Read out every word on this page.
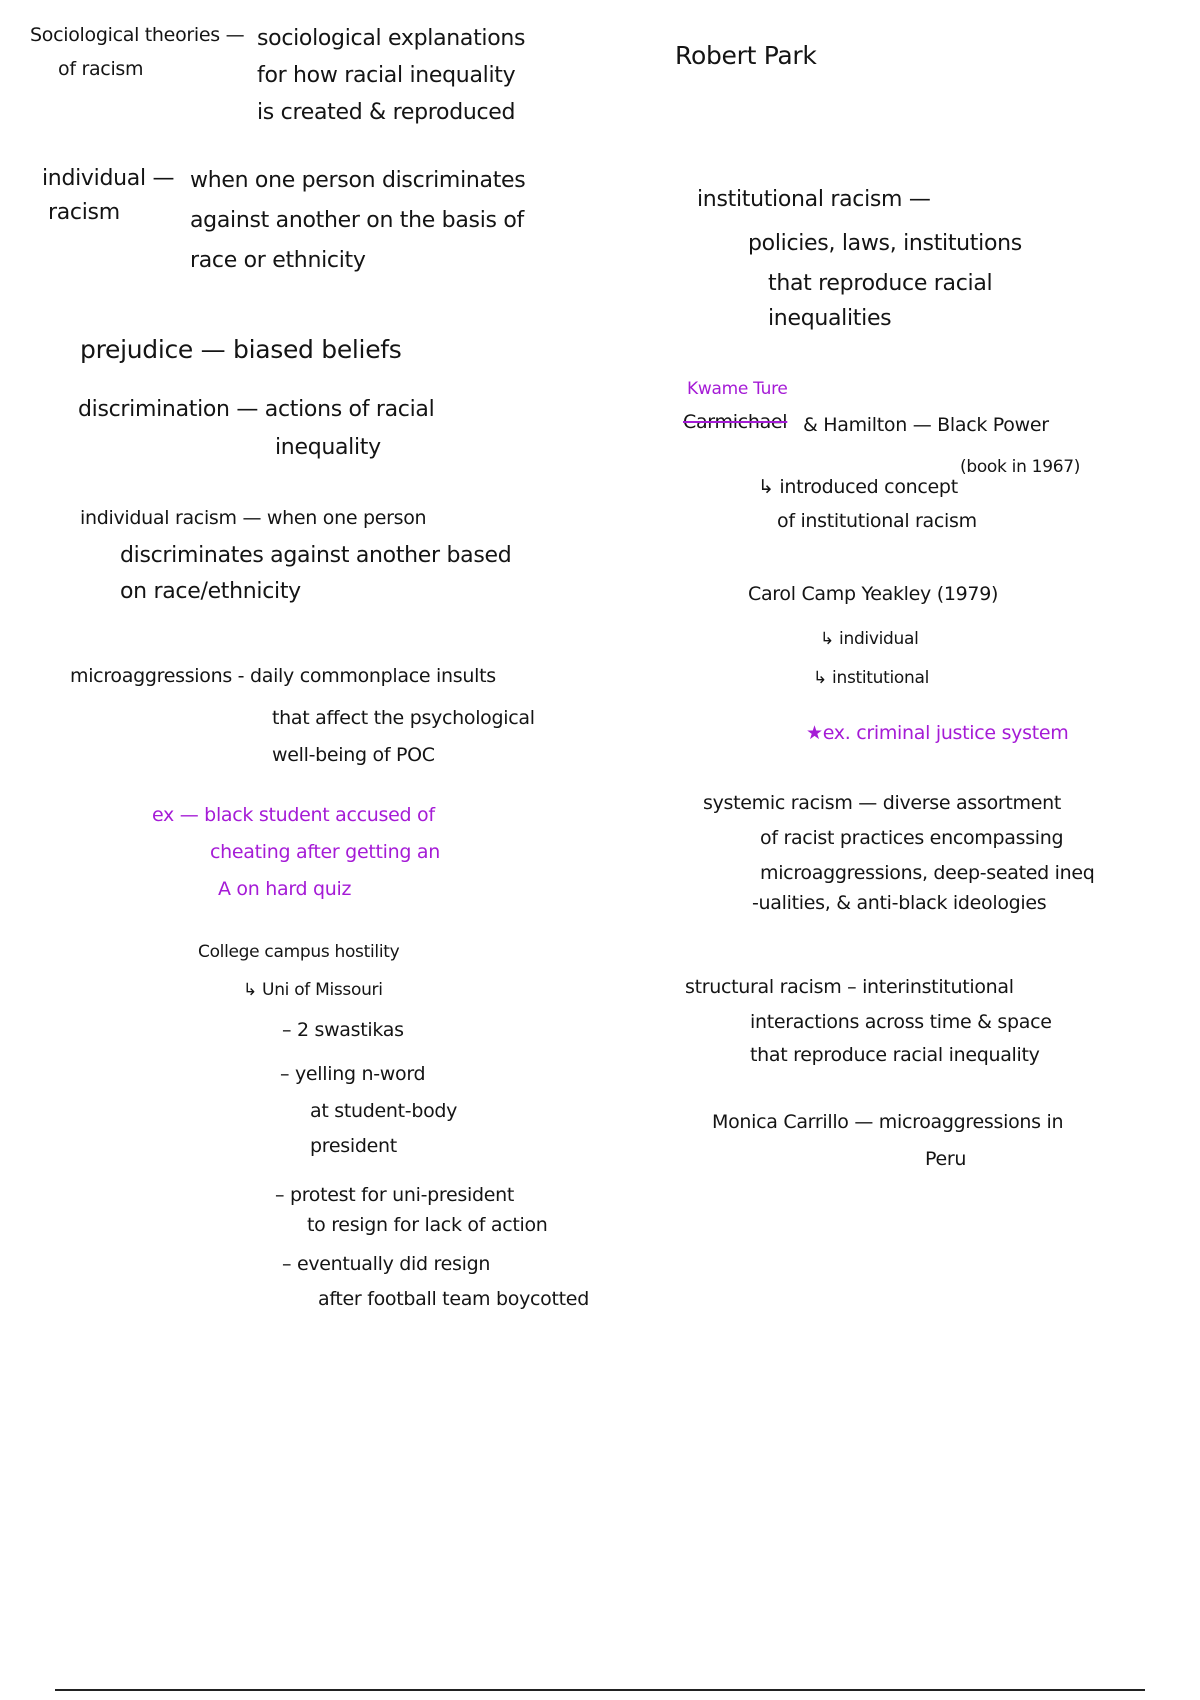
Sociological theories —
of racism
sociological explanations
for how racial inequality
is created & reproduced
individual —
racism
when one person discriminates
against another on the basis of
race or ethnicity
prejudice — biased beliefs
discrimination — actions of racial
inequality
individual racism — when one person
discriminates against another based
on race/ethnicity
microaggressions - daily commonplace insults
that affect the psychological
well-being of POC
ex — black student accused of
cheating after getting an
A on hard quiz
College campus hostility
↳ Uni of Missouri
– 2 swastikas
– yelling n-word
at student-body
president
– protest for uni-president
to resign for lack of action
– eventually did resign
after football team boycotted
Robert Park
institutional racism —
policies, laws, institutions
that reproduce racial
inequalities
Kwame Ture
Carmichael & Hamilton — Black Power
(book in 1967)
↳ introduced concept
of institutional racism
Carol Camp Yeakley (1979)
↳ individual
↳ institutional
★ex. criminal justice system
systemic racism — diverse assortment
of racist practices encompassing
microaggressions, deep-seated ineq
-ualities, & anti-black ideologies
structural racism – interinstitutional
interactions across time & space
that reproduce racial inequality
Monica Carrillo — microaggressions in
Peru
